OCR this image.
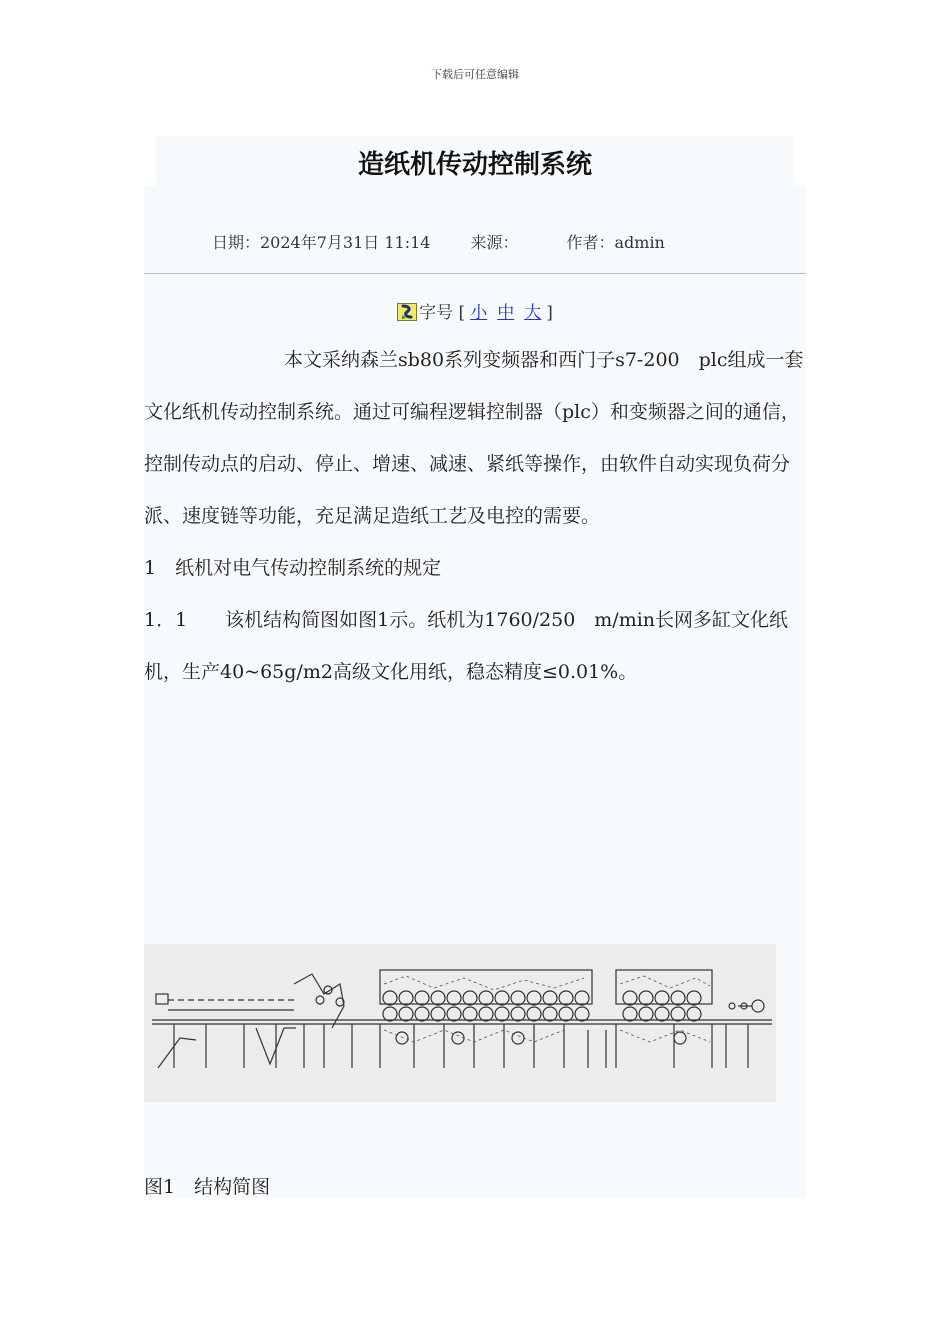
下载后可任意编辑
造纸机传动控制系统
日期：2024年7月31日 11:14	来源：	作者：admin
字号 [ 小 中 大 ]

本文采纳森兰sb80系列变频器和西门子s7-200　plc组成一套文化纸机传动控制系统。通过可编程逻辑控制器（plc）和变频器之间的通信，控制传动点的启动、停止、增速、减速、紧纸等操作，由软件自动实现负荷分派、速度链等功能，充足满足造纸工艺及电控的需要。

1　纸机对电气传动控制系统的规定

1．1　　该机结构简图如图1示。纸机为1760/250　m/min长网多缸文化纸机，生产40~65g/m2高级文化用纸，稳态精度≤0.01%。

图1　结构简图
